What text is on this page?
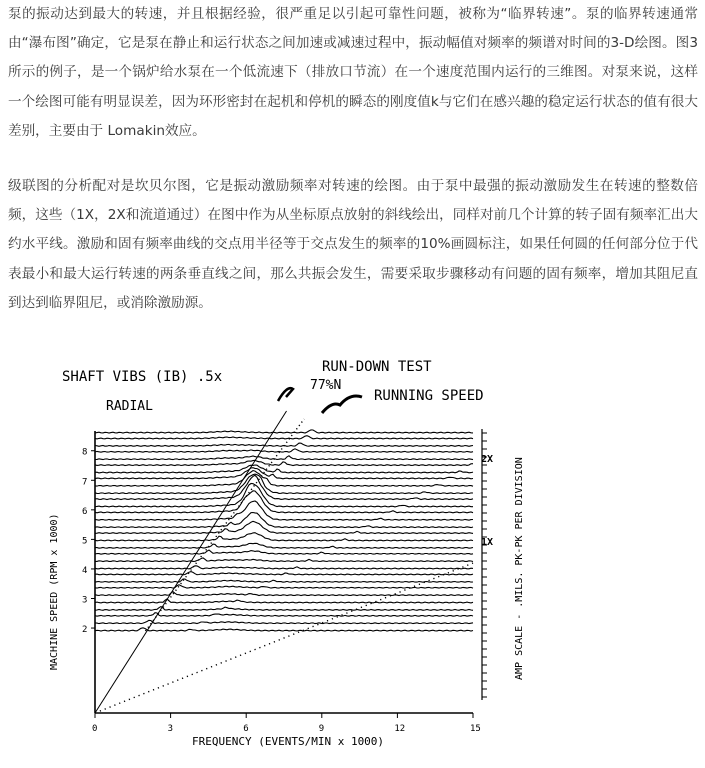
泵的振动达到最大的转速，并且根据经验，很严重足以引起可靠性问题，被称为“临界转速”。泵的临界转速通常由“瀑布图”确定，它是泵在静止和运行状态之间加速或减速过程中，振动幅值对频率的频谱对时间的3-D绘图。图3所示的例子，是一个锅炉给水泵在一个低流速下（排放口节流）在一个速度范围内运行的三维图。对泵来说，这样一个绘图可能有明显误差，因为环形密封在起机和停机的瞬态的刚度值k与它们在感兴趣的稳定运行状态的值有很大差别，主要由于 Lomakin效应。

级联图的分析配对是坎贝尔图，它是振动激励频率对转速的绘图。由于泵中最强的振动激励发生在转速的整数倍频，这些（1X，2X和流道通过）在图中作为从坐标原点放射的斜线绘出，同样对前几个计算的转子固有频率汇出大约水平线。激励和固有频率曲线的交点用半径等于交点发生的频率的10%画圆标注，如果任何圆的任何部分位于代表最小和最大运行转速的两条垂直线之间，那么共振会发生，需要采取步骤移动有问题的固有频率，增加其阻尼直到达到临界阻尼，或消除激励源。

2
3
4
5
6
7
8
0	3	6	9	12	15
SHAFT VIBS (IB) .5x
RUN-DOWN TEST
77%N
RUNNING SPEED
RADIAL
2X
1X
MACHINE SPEED (RPM x 1000)	AMP SCALE - .MILS. PK-PK PER DIVISION
FREQUENCY (EVENTS/MIN x 1000)
